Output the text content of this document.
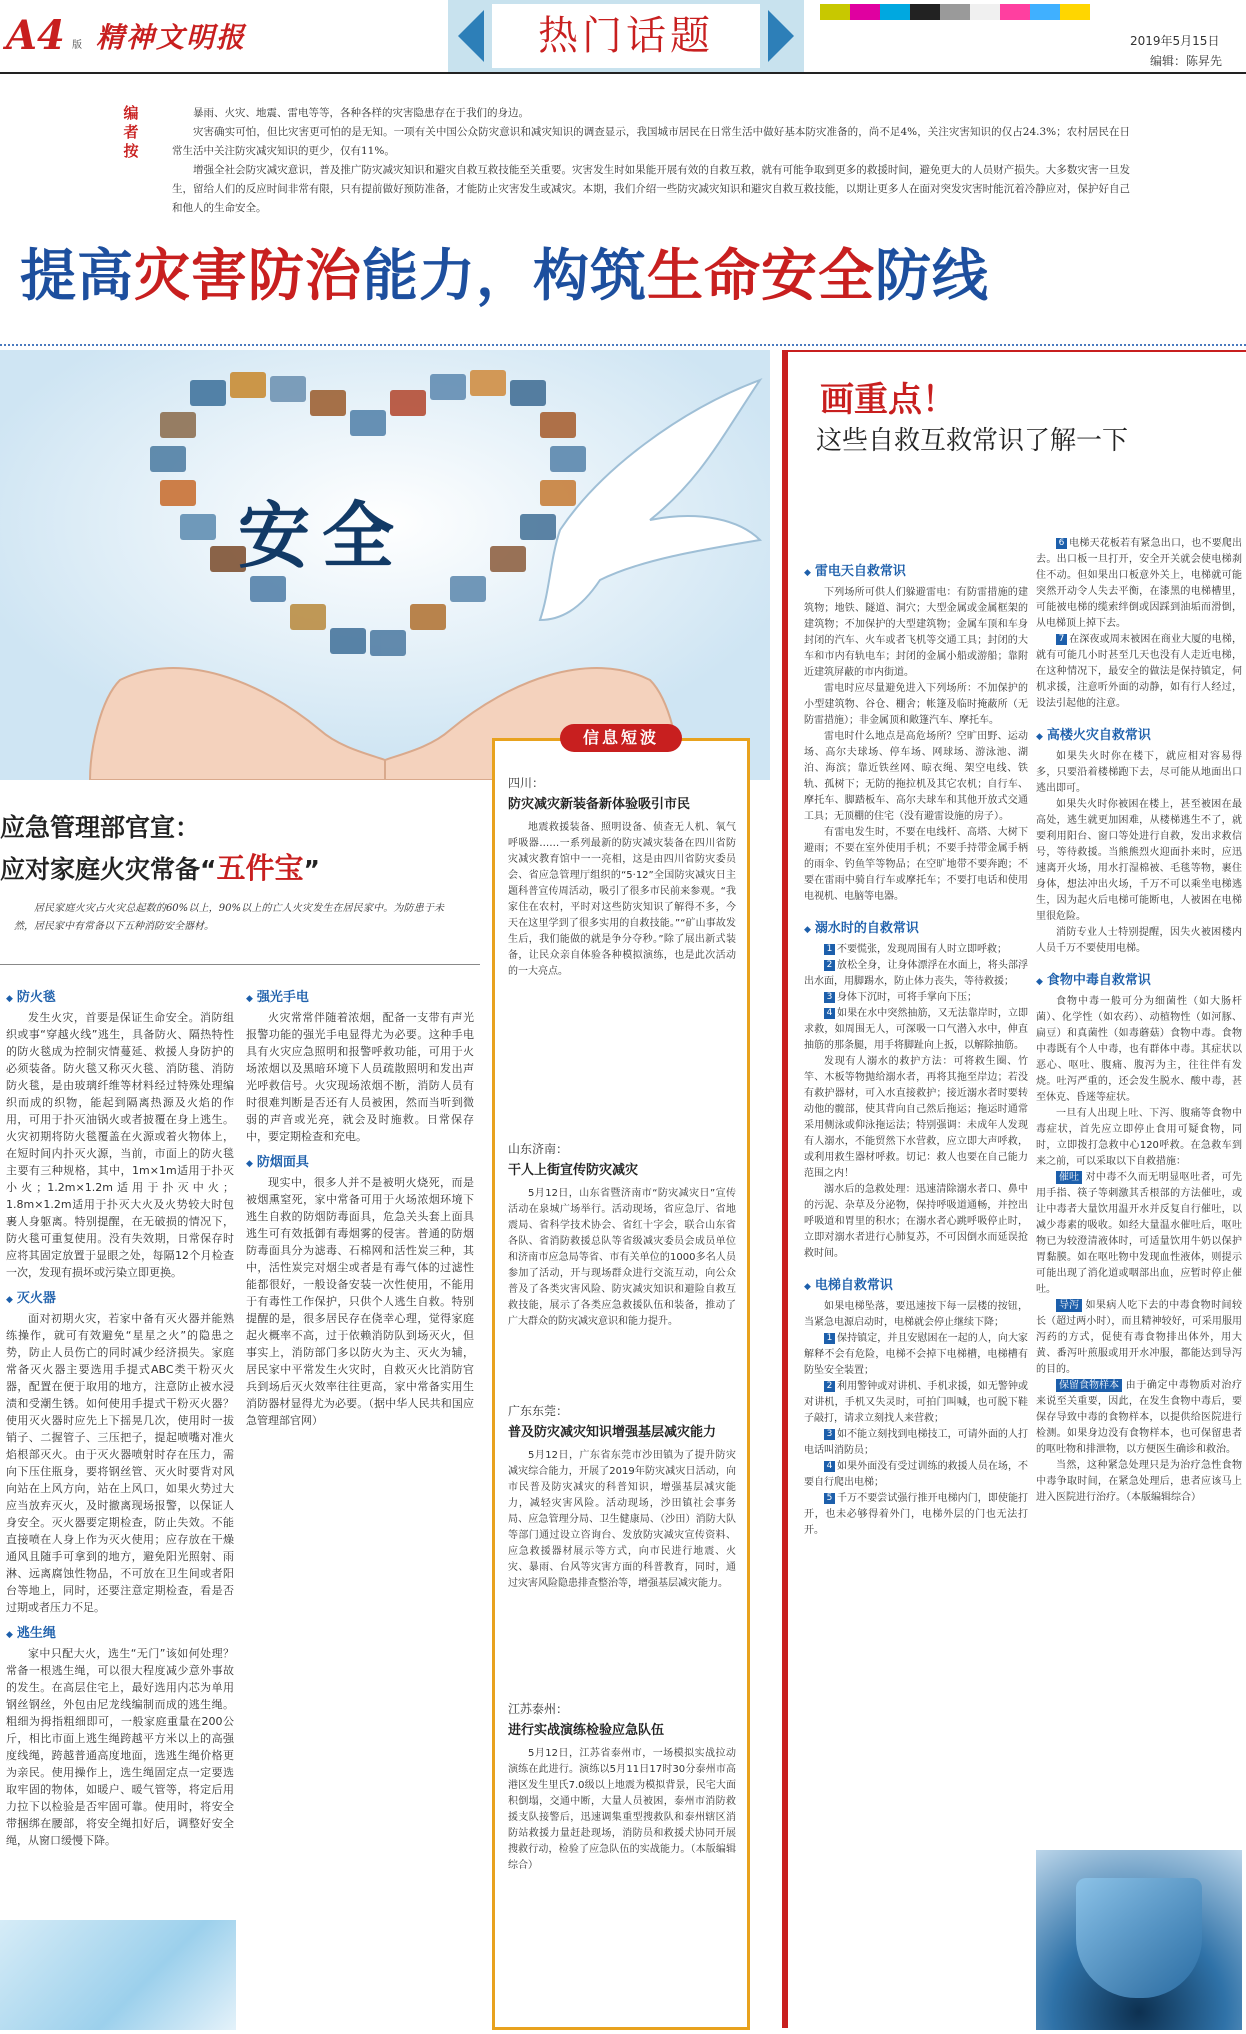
A4 版 精神文明报	热门话题	2019年5月15日
编辑：陈昇先
编者按

暴雨、火灾、地震、雷电等等，各种各样的灾害隐患存在于我们的身边。

灾害确实可怕，但比灾害更可怕的是无知。一项有关中国公众防灾意识和减灾知识的调查显示，我国城市居民在日常生活中做好基本防灾准备的，尚不足4%，关注灾害知识的仅占24.3%；农村居民在日常生活中关注防灾减灾知识的更少，仅有11%。

增强全社会防灾减灾意识，普及推广防灾减灾知识和避灾自救互救技能至关重要。灾害发生时如果能开展有效的自救互救，就有可能争取到更多的救援时间，避免更大的人员财产损失。大多数灾害一旦发生，留给人们的反应时间非常有限，只有提前做好预防准备，才能防止灾害发生或减灾。本期，我们介绍一些防灾减灾知识和避灾自救互救技能，以期让更多人在面对突发灾害时能沉着冷静应对，保护好自己和他人的生命安全。

提高灾害防治能力，构筑生命安全防线
安全
应急管理部官宣：
应对家庭火灾常备“五件宝”

居民家庭火灾占火灾总起数的60%以上，90%以上的亡人火灾发生在居民家中。为防患于未然，居民家中有常备以下五种消防安全器材。

◆ 防火毯

发生火灾，首要是保证生命安全。消防组织或事“穿越火线”逃生，具备防火、隔热特性的防火毯成为控制灾情蔓延、救援人身防护的必须装备。防火毯又称灭火毯、消防毯、消防防火毯，是由玻璃纤维等材料经过特殊处理编织而成的织物，能起到隔离热源及火焰的作用，可用于扑灭油锅火或者披覆在身上逃生。火灾初期将防火毯覆盖在火源或着火物体上，在短时间内扑灭火源，当前，市面上的防火毯主要有三种规格，其中，1m×1m适用于扑灭小火；1.2m×1.2m适用于扑灭中火；1.8m×1.2m适用于扑灭大火及火势较大时包裹人身躯离。特别提醒，在无破损的情况下，防火毯可重复使用。没有失效期，日常保存时应将其固定放置于显眼之处，每隔12个月检查一次，发现有损坏或污染立即更换。

◆ 灭火器

面对初期火灾，若家中备有灭火器并能熟练操作，就可有效避免“星星之火”的隐患之势，防止人员伤亡的同时减少经济损失。家庭常备灭火器主要选用手提式ABC类干粉灭火器，配置在便于取用的地方，注意防止被水浸渍和受潮生锈。如何使用手提式干粉灭火器？使用灭火器时应先上下摇晃几次，使用时一拔销子、二握管子、三压把子，提起喷嘴对准火焰根部灭火。由于灭火器喷射时存在压力，需向下压住瓶身，要将钢丝管、灭火时要背对风向站在上风方向，站在上风口，如果火势过大应当放弃灭火，及时撤离现场报警，以保证人身安全。灭火器要定期检查，防止失效。不能直接喷在人身上作为灭火使用；应存放在干燥通风且随手可拿到的地方，避免阳光照射、雨淋、远离腐蚀性物品，不可放在卫生间或者阳台等地上，同时，还要注意定期检查，看是否过期或者压力不足。

◆ 逃生绳

家中只配大火，选生“无门”该如何处理？常备一根逃生绳，可以很大程度减少意外事故的发生。在高层住宅上，最好选用内芯为单用钢丝钢丝，外包由尼龙线编制而成的逃生绳。粗细为拇指粗细即可，一般家庭重量在200公斤，相比市面上逃生绳跨越平方米以上的高强度线绳，跨越普通高度地面，选逃生绳价格更为亲民。使用操作上，选生绳固定点一定要选取牢固的物体，如暖户、暖气管等，将定后用力拉下以检验是否牢固可靠。使用时，将安全带捆绑在腰部，将安全绳扣好后，调整好安全绳，从窗口缓慢下降。

◆ 强光手电

火灾常常伴随着浓烟，配备一支带有声光报警功能的强光手电显得尤为必要。这种手电具有火灾应急照明和报警呼救功能，可用于火场浓烟以及黑暗环境下人员疏散照明和发出声光呼救信号。火灾现场浓烟不断，消防人员有时很难判断是否还有人员被困，然而当听到微弱的声音或光亮，就会及时施救。日常保存中，要定期检查和充电。

◆ 防烟面具

现实中，很多人并不是被明火烧死，而是被烟熏窒死，家中常备可用于火场浓烟环境下逃生自救的防烟防毒面具，危急关头套上面具逃生可有效抵御有毒烟雾的侵害。普通的防烟防毒面具分为滤毒、石棉网和活性炭三种，其中，活性炭完对烟尘或者是有毒气体的过滤性能都很好，一般设备安装一次性使用，不能用于有毒性工作保护，只供个人逃生自救。特别提醒的是，很多居民存在侥幸心理，觉得家庭起火概率不高，过于依赖消防队到场灭火，但事实上，消防部门多以防火为主、灭火为辅，居民家中平常发生火灾时，自救灭火比消防官兵到场后灭火效率往往更高，家中常备实用生消防器材显得尤为必要。（据中华人民共和国应急管理部官网）

信息短波
四川：
防灾减灾新装备新体验吸引市民

地震救援装备、照明设备、侦查无人机、氧气呼吸器……一系列最新的防灾减灾装备在四川省防灾减灾教育馆中一一亮相，这是由四川省防灾委员会、省应急管理厅组织的“5·12”全国防灾减灾日主题科普宣传周活动，吸引了很多市民前来参观。“我家住在农村，平时对这些防灾知识了解得不多，今天在这里学到了很多实用的自救技能。”“矿山事故发生后，我们能做的就是争分夺秒。”除了展出新式装备，让民众亲自体验各种模拟演练，也是此次活动的一大亮点。

山东济南：
干人上街宣传防灾减灾

5月12日，山东省暨济南市“防灾减灾日”宣传活动在泉城广场举行。活动现场，省应急厅、省地震局、省科学技术协会、省红十字会，联合山东省各队、省消防救援总队等省级减灾委员会成员单位和济南市应急局等省、市有关单位的1000多名人员参加了活动，开与现场群众进行交流互动，向公众普及了各类灾害风险、防灾减灾知识和避险自救互救技能，展示了各类应急救援队伍和装备，推动了广大群众的防灾减灾意识和能力提升。

广东东莞：
普及防灾减灾知识增强基层减灾能力

5月12日，广东省东莞市沙田镇为了提升防灾减灾综合能力，开展了2019年防灾减灾日活动，向市民普及防灾减灾的科普知识，增强基层减灾能力，减轻灾害风险。活动现场，沙田镇社会事务局、应急管理分局、卫生健康局、（沙田）消防大队等部门通过设立咨询台、发放防灾减灾宣传资料、应急救援器材展示等方式，向市民进行地震、火灾、暴雨、台风等灾害方面的科普教育，同时，通过灾害风险隐患排查整治等，增强基层减灾能力。

江苏泰州：
进行实战演练检验应急队伍

5月12日，江苏省泰州市，一场模拟实战拉动演练在此进行。演练以5月11日17时30分泰州市高港区发生里氏7.0级以上地震为模拟背景，民宅大面积倒塌，交通中断，大量人员被困，泰州市消防救援支队接警后，迅速调集重型搜救队和泰州辖区消防站救援力量赶赴现场，消防员和救援犬协同开展搜救行动，检验了应急队伍的实战能力。（本版编辑综合）

画重点！
这些自救互救常识了解一下
◆ 雷电天自救常识

下列场所可供人们躲避雷电：有防雷措施的建筑物；地铁、隧道、洞穴；大型金属或金属框架的建筑物；不加保护的大型建筑物；金属车顶和车身封闭的汽车、火车或者飞机等交通工具；封闭的大车和市内有轨电车；封闭的金属小船或游船；靠附近建筑屏蔽的市内街道。

雷电时应尽量避免进入下列场所：不加保护的小型建筑物、谷仓、棚舍；帐篷及临时掩蔽所（无防雷措施）；非金属顶和敞篷汽车、摩托车。

雷电时什么地点是高危场所？空旷田野、运动场、高尔夫球场、停车场、网球场、游泳池、湖泊、海滨；靠近铁丝网、晾衣绳、架空电线、铁轨、孤树下；无防的拖拉机及其它农机；自行车、摩托车、脚踏板车、高尔夫球车和其他开放式交通工具；无顶棚的住宅（没有避雷设施的房子）。

有雷电发生时，不要在电线杆、高塔、大树下避雨；不要在室外使用手机；不要手持带金属手柄的雨伞、钓鱼竿等物品；在空旷地带不要奔跑；不要在雷雨中骑自行车或摩托车；不要打电话和使用电视机、电脑等电器。

◆ 溺水时的自救常识

1 不要慌张，发现周围有人时立即呼救；

2 放松全身，让身体漂浮在水面上，将头部浮出水面，用脚踢水，防止体力丧失，等待救援；

3 身体下沉时，可将手掌向下压；

4 如果在水中突然抽筋，又无法靠岸时，立即求救，如周围无人，可深吸一口气潜入水中，伸直抽筋的那条腿，用手将脚趾向上扳，以解除抽筋。

发现有人溺水的救护方法：可将救生圈、竹竿、木板等物抛给溺水者，再将其拖至岸边；若没有救护器材，可入水直接救护；接近溺水者时要转动他的髋部，使其背向自己然后拖运；拖运时通常采用侧泳或仰泳拖运法；特别强调：未成年人发现有人溺水，不能贸然下水营救，应立即大声呼救，或利用救生器材呼救。切记：救人也要在自己能力范围之内！

溺水后的急救处理：迅速清除溺水者口、鼻中的污泥、杂草及分泌物，保持呼吸道通畅，并控出呼吸道和胃里的积水；在溺水者心跳呼吸停止时，立即对溺水者进行心肺复苏，不可因倒水而延误抢救时间。

◆ 电梯自救常识

如果电梯坠落，要迅速按下每一层楼的按钮，当紧急电源启动时，电梯就会停止继续下降；

1 保持镇定，并且安慰困在一起的人，向大家解释不会有危险，电梯不会掉下电梯槽，电梯槽有防坠安全装置；

2 利用警钟或对讲机、手机求援，如无警钟或对讲机，手机又失灵时，可拍门叫喊，也可脱下鞋子敲打，请求立刻找人来营救；

3 如不能立刻找到电梯技工，可请外面的人打电话叫消防员；

4 如果外面没有受过训练的救援人员在场，不要自行爬出电梯；

5 千万不要尝试强行推开电梯内门，即使能打开，也未必够得着外门，电梯外层的门也无法打开。

6 电梯天花板若有紧急出口，也不要爬出去。出口板一旦打开，安全开关就会使电梯刹住不动。但如果出口板意外关上，电梯就可能突然开动令人失去平衡，在漆黑的电梯槽里，可能被电梯的缆索绊倒或因踩到油垢而滑倒，从电梯顶上掉下去。

7 在深夜或周末被困在商业大厦的电梯，就有可能几小时甚至几天也没有人走近电梯，在这种情况下，最安全的做法是保持镇定，伺机求援，注意听外面的动静，如有行人经过，设法引起他的注意。

◆ 高楼火灾自救常识

如果失火时你在楼下，就应相对容易得多，只要沿着楼梯跑下去，尽可能从地面出口逃出即可。

如果失火时你被困在楼上，甚至被困在最高处，逃生就更加困难，从楼梯逃生不了，就要利用阳台、窗口等处进行自救，发出求救信号，等待救援。当熊熊烈火迎面扑来时，应迅速离开火场，用水打湿棉被、毛毯等物，裹住身体，想法冲出火场，千万不可以乘坐电梯逃生，因为起火后电梯可能断电，人被困在电梯里很危险。

消防专业人士特别提醒，因失火被困楼内人员千万不要使用电梯。

◆ 食物中毒自救常识

食物中毒一般可分为细菌性（如大肠杆菌）、化学性（如农药）、动植物性（如河豚、扁豆）和真菌性（如毒蘑菇）食物中毒。食物中毒既有个人中毒，也有群体中毒。其症状以恶心、呕吐、腹痛、腹泻为主，往往伴有发烧。吐泻严重的，还会发生脱水、酸中毒，甚至休克、昏迷等症状。

一旦有人出现上吐、下泻、腹痛等食物中毒症状，首先应立即停止食用可疑食物，同时，立即拨打急救中心120呼救。在急救车到来之前，可以采取以下自救措施：

催吐 对中毒不久而无明显呕吐者，可先用手指、筷子等刺激其舌根部的方法催吐，或让中毒者大量饮用温开水并反复自行催吐，以减少毒素的吸收。如经大量温水催吐后，呕吐物已为较澄清液体时，可适量饮用牛奶以保护胃黏膜。如在呕吐物中发现血性液体，则提示可能出现了消化道或咽部出血，应暂时停止催吐。

导泻 如果病人吃下去的中毒食物时间较长（超过两小时），而且精神较好，可采用服用泻药的方式，促使有毒食物排出体外，用大黄、番泻叶煎服或用开水冲服，都能达到导泻的目的。

保留食物样本 由于确定中毒物质对治疗来说至关重要，因此，在发生食物中毒后，要保存导致中毒的食物样本，以提供给医院进行检测。如果身边没有食物样本，也可保留患者的呕吐物和排泄物，以方便医生确诊和救治。

当然，这种紧急处理只是为治疗急性食物中毒争取时间，在紧急处理后，患者应该马上进入医院进行治疗。（本版编辑综合）
